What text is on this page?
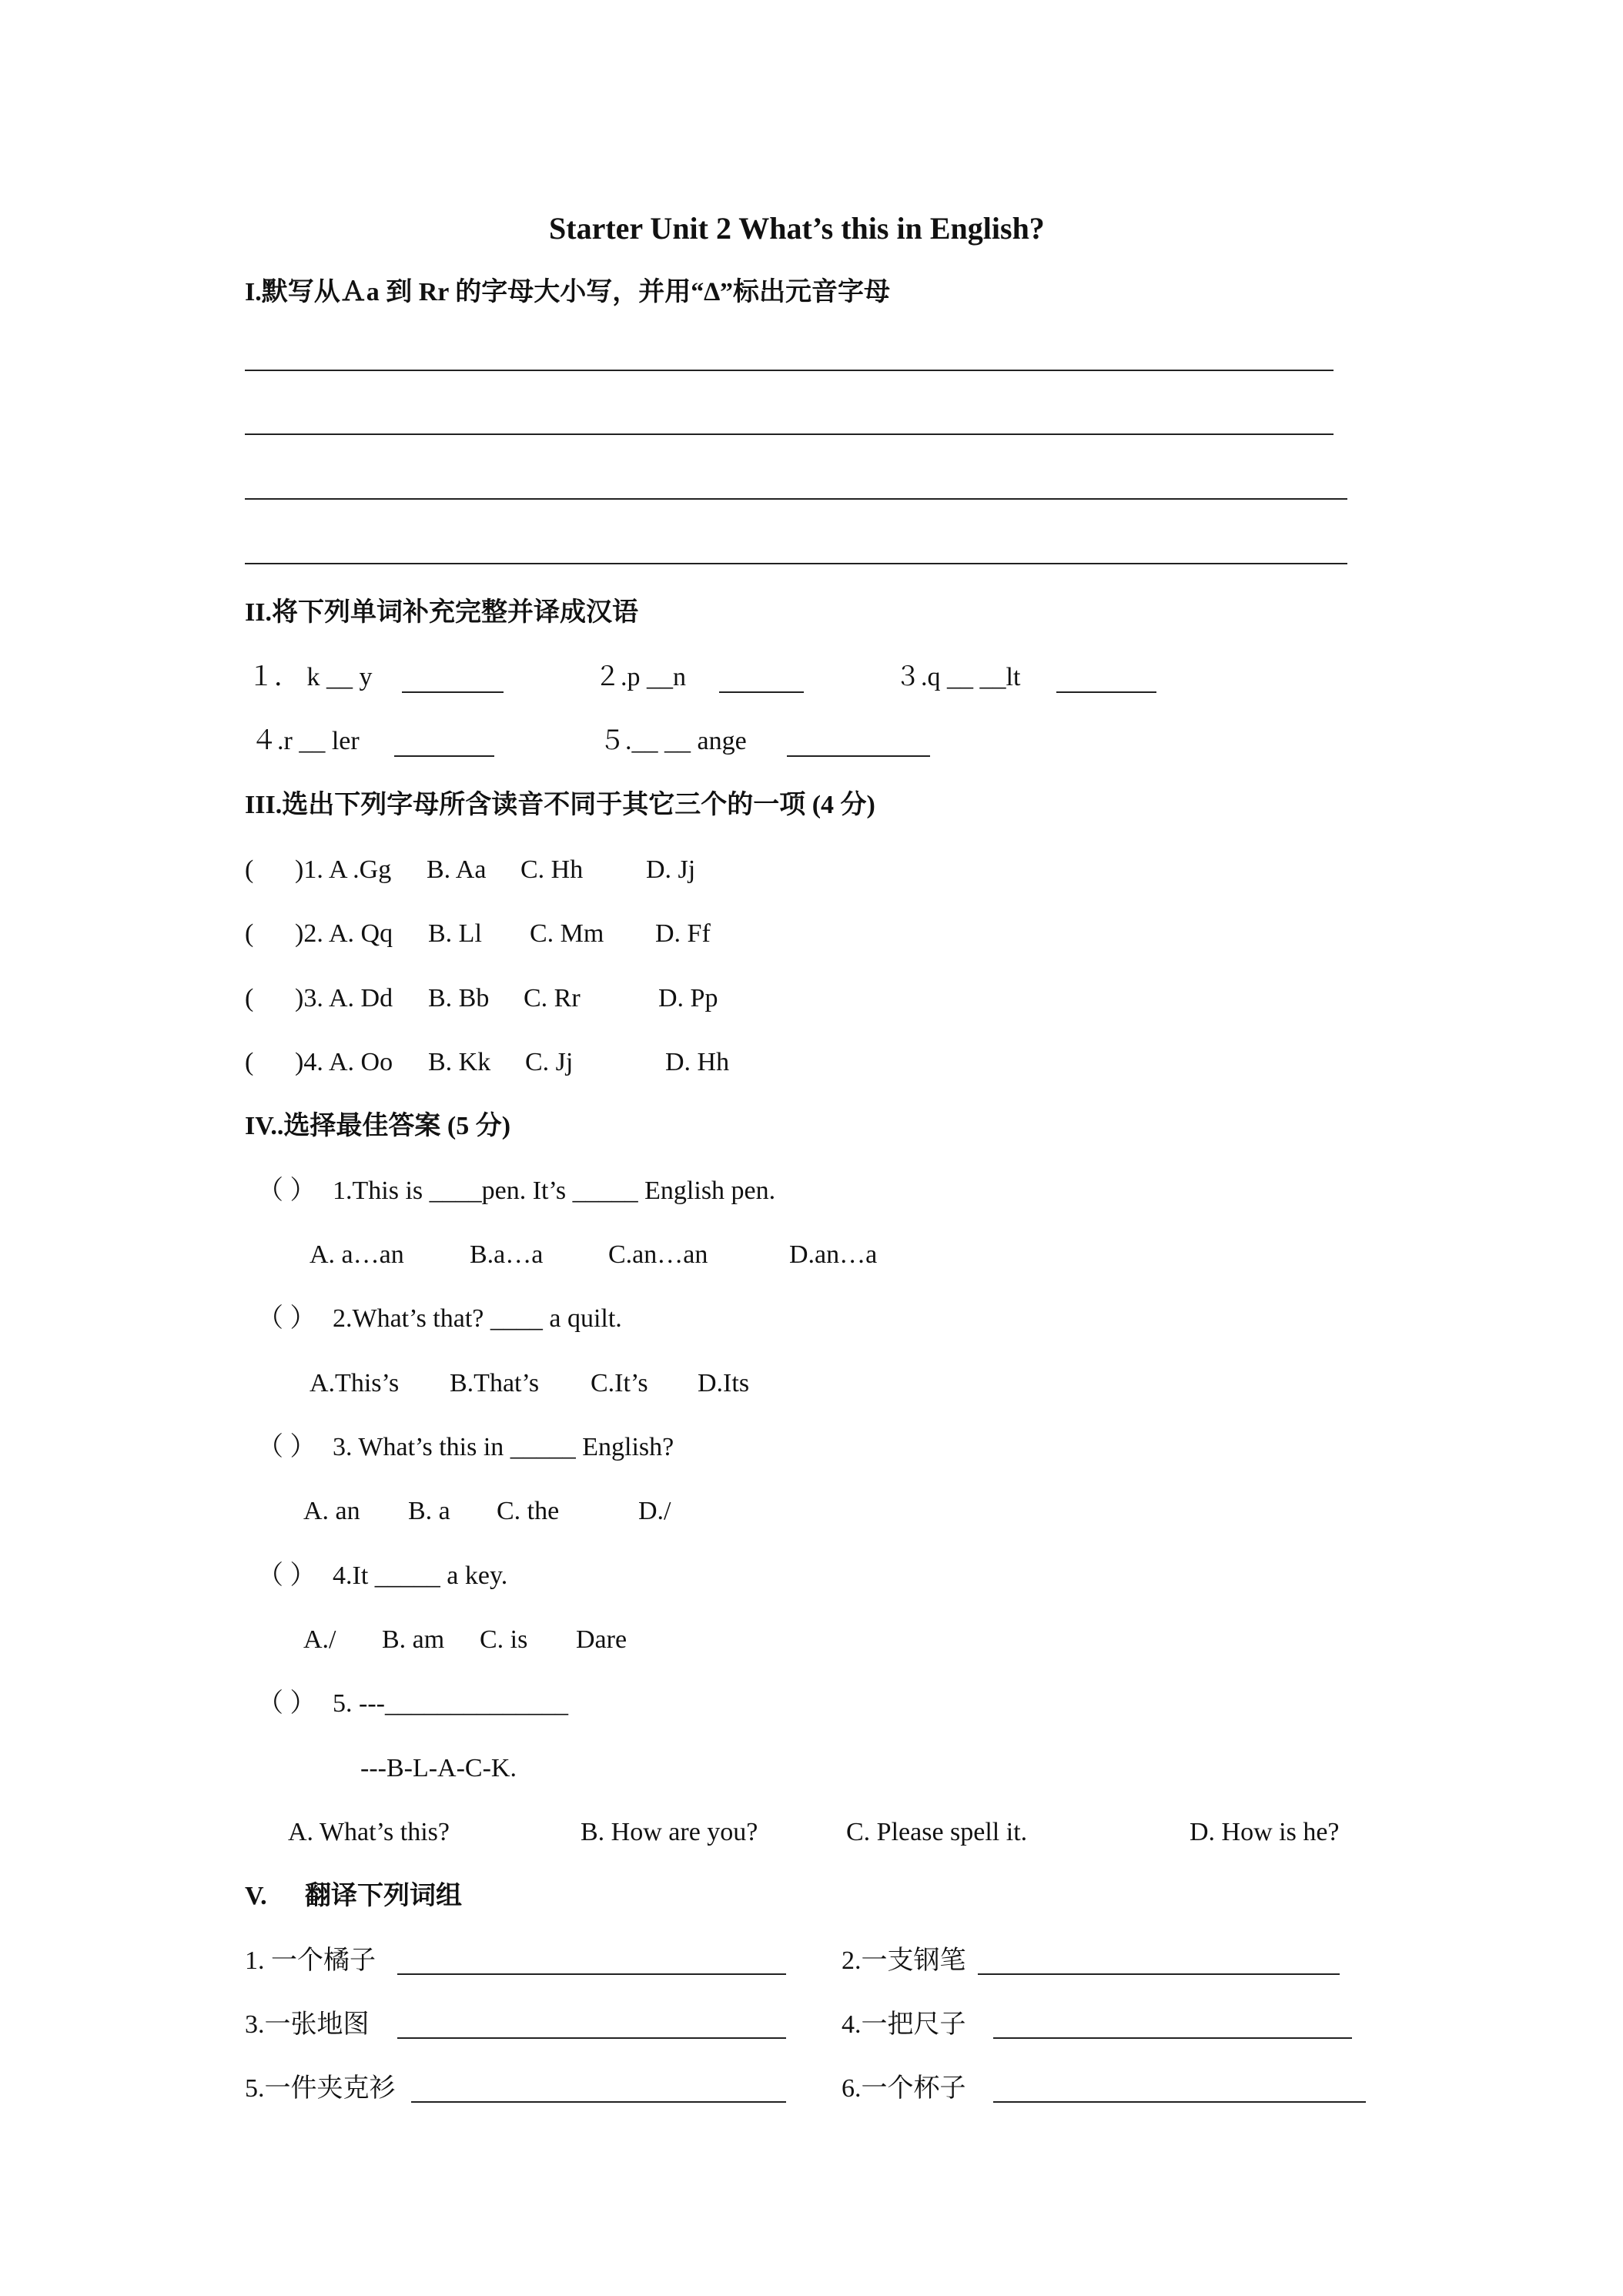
Starter Unit 2 What’s this in English?
I.默写从Ａa 到 Rr 的字母大小写，并用“∆”标出元音字母
II.将下列单词补充完整并译成汉语
１． k __ y	２.p __n	３.q __ __lt
４.r __ ler	５.__ __ ange
III.选出下列字母所含读音不同于其它三个的一项 (4 分)
( )1. A .Gg B. Aa C. Hh D. Jj
( )2. A. Qq B. Ll C. Mm D. Ff
( )3. A. Dd B. Bb C. Rr	D. Pp
( )4. A. Oo B. Kk C. Jj	D. Hh
IV..选择最佳答案 (5 分)
（ ） 1.This is ____pen. It’s _____ English pen.
A. a…an	B.a…a C.an…an	D.an…a
（ ） 2.What’s that? ____ a quilt.
A.This’s B.That’s C.It’s D.Its
（ ） 3. What’s this in _____ English?
A. an B. a C. the	D./
（ ） 4.It _____ a key.
A./ B. am C. is Dare
（ ） 5. ---______________
---B-L-A-C-K.
A. What’s this?	B. How are you?	C. Please spell it.	D. How is he?
V. 翻译下列词组
1. 一个橘子	2.一支钢笔
3.一张地图	4.一把尺子
5.一件夹克衫	6.一个杯子
